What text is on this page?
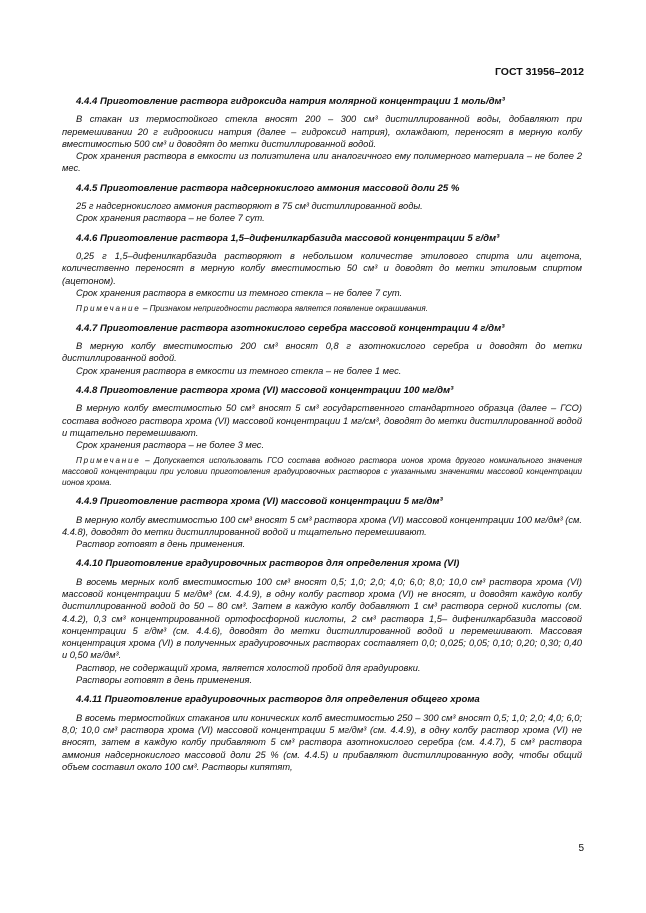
ГОСТ 31956–2012

4.4.4 Приготовление раствора гидроксида натрия молярной концентрации 1 моль/дм³

В стакан из термостойкого стекла вносят 200 – 300 см³ дистиллированной воды, добавляют при перемешивании 20 г гидроокиси натрия (далее – гидроксид натрия), охлаждают, переносят в мерную колбу вместимостью 500 см³ и доводят до метки дистиллированной водой.

Срок хранения раствора в емкости из полиэтилена или аналогичного ему полимерного материала – не более 2 мес.

4.4.5 Приготовление раствора надсернокислого аммония массовой доли 25 %

25 г надсернокислого аммония растворяют в 75 см³ дистиллированной воды.

Срок хранения раствора – не более 7 сут.

4.4.6 Приготовление раствора 1,5–дифенилкарбазида массовой концентрации 5 г/дм³

0,25 г 1,5–дифенилкарбазида растворяют в небольшом количестве этилового спирта или ацетона, количественно переносят в мерную колбу вместимостью 50 см³ и доводят до метки этиловым спиртом (ацетоном).

Срок хранения раствора в емкости из темного стекла – не более 7 сут.

Примечание – Признаком непригодности раствора является появление окрашивания.

4.4.7 Приготовление раствора азотнокислого серебра массовой концентрации 4 г/дм³

В мерную колбу вместимостью 200 см³ вносят 0,8 г азотнокислого серебра и доводят до метки дистиллированной водой.

Срок хранения раствора в емкости из темного стекла – не более 1 мес.

4.4.8 Приготовление раствора хрома (VI) массовой концентрации 100 мг/дм³

В мерную колбу вместимостью 50 см³ вносят 5 см³ государственного стандартного образца (далее – ГСО) состава водного раствора хрома (VI) массовой концентрации 1 мг/см³, доводят до метки дистиллированной водой и тщательно перемешивают.

Срок хранения раствора – не более 3 мес.

Примечание – Допускается использовать ГСО состава водного раствора ионов хрома другого номинального значения массовой концентрации при условии приготовления градуировочных растворов с указанными значениями массовой концентрации ионов хрома.

4.4.9 Приготовление раствора хрома (VI) массовой концентрации 5 мг/дм³

В мерную колбу вместимостью 100 см³ вносят 5 см³ раствора хрома (VI) массовой концентрации 100 мг/дм³ (см. 4.4.8), доводят до метки дистиллированной водой и тщательно перемешивают.

Раствор готовят в день применения.

4.4.10 Приготовление градуировочных растворов для определения хрома (VI)

В восемь мерных колб вместимостью 100 см³ вносят 0,5; 1,0; 2,0; 4,0; 6,0; 8,0; 10,0 см³ раствора хрома (VI) массовой концентрации 5 мг/дм³ (см. 4.4.9), в одну колбу раствор хрома (VI) не вносят, и доводят каждую колбу дистиллированной водой до 50 – 80 см³. Затем в каждую колбу добавляют 1 см³ раствора серной кислоты (см. 4.4.2), 0,3 см³ концентрированной ортофосфорной кислоты, 2 см³ раствора 1,5– дифенилкарбазида массовой концентрации 5 г/дм³ (см. 4.4.6), доводят до метки дистиллированной водой и перемешивают. Массовая концентрация хрома (VI) в полученных градуировочных растворах составляет 0,0; 0,025; 0,05; 0,10; 0,20; 0,30; 0,40 и 0,50 мг/дм³.

Раствор, не содержащий хрома, является холостой пробой для градуировки.

Растворы готовят в день применения.

4.4.11 Приготовление градуировочных растворов для определения общего хрома

В восемь термостойких стаканов или конических колб вместимостью 250 – 300 см³ вносят 0,5; 1,0; 2,0; 4,0; 6,0; 8,0; 10,0 см³ раствора хрома (VI) массовой концентрации 5 мг/дм³ (см. 4.4.9), в одну колбу раствор хрома (VI) не вносят, затем в каждую колбу прибавляют 5 см³ раствора азотнокислого серебра (см. 4.4.7), 5 см³ раствора аммония надсернокислого массовой доли 25 % (см. 4.4.5) и прибавляют дистиллированную воду, чтобы общий объем составил около 100 см³. Растворы кипятят,

5
